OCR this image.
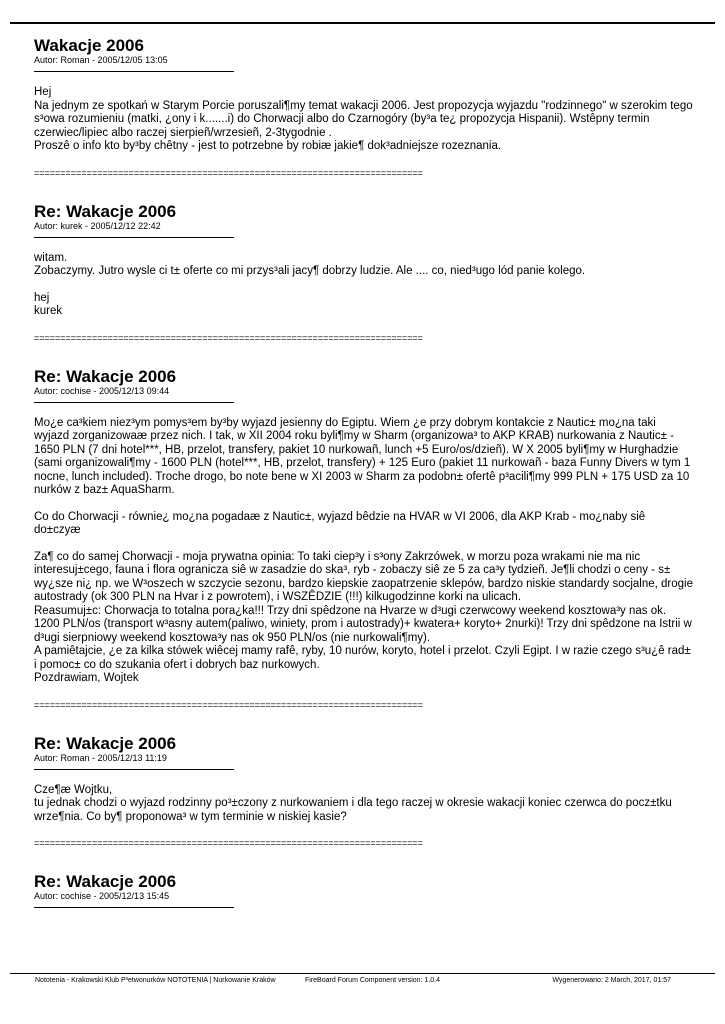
Wakacje 2006

Autor: Roman - 2005/12/05 13:05

Hej
Na jednym ze spotkań w Starym Porcie poruszali¶my temat wakacji 2006. Jest propozycja wyjazdu "rodzinnego" w szerokim tego s³owa rozumieniu (matki, ¿ony i k.......i) do Chorwacji albo do Czarnogóry (by³a te¿ propozycja Hispanii). Wstêpny termin czerwiec/lipiec albo raczej sierpieñ/wrzesieñ, 2-3tygodnie .
Proszê o info kto by³by chêtny - jest to potrzebne by robiæ jakie¶ dok³adniejsze rozeznania.

==========================================================================
Re: Wakacje 2006

Autor: kurek - 2005/12/12 22:42

witam.
Zobaczymy. Jutro wysle ci t± oferte co mi przys³ali jacy¶ dobrzy ludzie. Ale .... co, nied³ugo lód panie kolego.

hej
kurek

==========================================================================
Re: Wakacje 2006

Autor: cochise - 2005/12/13 09:44

Mo¿e ca³kiem niez³ym pomys³em by³by wyjazd jesienny do Egiptu. Wiem ¿e przy dobrym kontakcie z Nautic± mo¿na taki wyjazd zorganizowaæ przez nich. I tak, w XII 2004 roku byli¶my w Sharm (organizowa³ to AKP KRAB) nurkowania z Nautic± - 1650 PLN (7 dni hotel***, HB, przelot, transfery, pakiet 10 nurkowañ, lunch +5 Euro/os/dzieñ). W X 2005 byli¶my w Hurghadzie (sami organizowali¶my - 1600 PLN (hotel***, HB, przelot, transfery) + 125 Euro (pakiet 11 nurkowañ - baza Funny Divers w tym 1 nocne, lunch included). Troche drogo, bo note bene w XI 2003 w Sharm za podobn± ofertê p³acili¶my 999 PLN + 175 USD za 10 nurków z baz± AquaSharm.

Co do Chorwacji - równie¿ mo¿na pogadaæ z Nautic±, wyjazd bêdzie na HVAR w VI 2006, dla AKP Krab - mo¿naby siê do±czyæ

Za¶ co do samej Chorwacji - moja prywatna opinia: To taki ciep³y i s³ony Zakrzówek, w morzu poza wrakami nie ma nic interesuj±cego, fauna i flora ogranicza siê w zasadzie do ska³, ryb - zobaczy siê ze 5 za ca³y tydzieñ. Je¶li chodzi o ceny - s± wy¿sze ni¿ np. we W³oszech w szczycie sezonu, bardzo kiepskie zaopatrzenie sklepów, bardzo niskie standardy socjalne, drogie autostrady (ok 300 PLN na Hvar i z powrotem), i WSZÊDZIE (!!!) kilkugodzinne korki na ulicach.
Reasumuj±c: Chorwacja to totalna pora¿ka!!! Trzy dni spêdzone na Hvarze w d³ugi czerwcowy weekend kosztowa³y nas ok. 1200 PLN/os (transport w³asny autem(paliwo, winiety, prom i autostrady)+ kwatera+ koryto+ 2nurki)! Trzy dni spêdzone na Istrii w d³ugi sierpniowy weekend kosztowa³y nas ok 950 PLN/os (nie nurkowali¶my).
A pamiêtajcie, ¿e za kilka stówek wiêcej mamy rafê, ryby, 10 nurów, koryto, hotel i przelot. Czyli Egipt. I w razie czego s³u¿ê rad± i pomoc± co do szukania ofert i dobrych baz nurkowych.
Pozdrawiam, Wojtek

==========================================================================
Re: Wakacje 2006

Autor: Roman - 2005/12/13 11:19

Cze¶æ Wojtku,
tu jednak chodzi o wyjazd rodzinny po³±czony z nurkowaniem i dla tego raczej w okresie wakacji koniec czerwca do pocz±tku wrze¶nia. Co by¶ proponowa³ w tym terminie w niskiej kasie?

==========================================================================
Re: Wakacje 2006

Autor: cochise - 2005/12/13 15:45

Nototenia - Krakowski Klub P³etwonurków NOTOTENIA | Nurkowanie Kraków	FireBoard Forum Component version: 1.0.4	Wygenerowano: 2 March, 2017, 01:57
